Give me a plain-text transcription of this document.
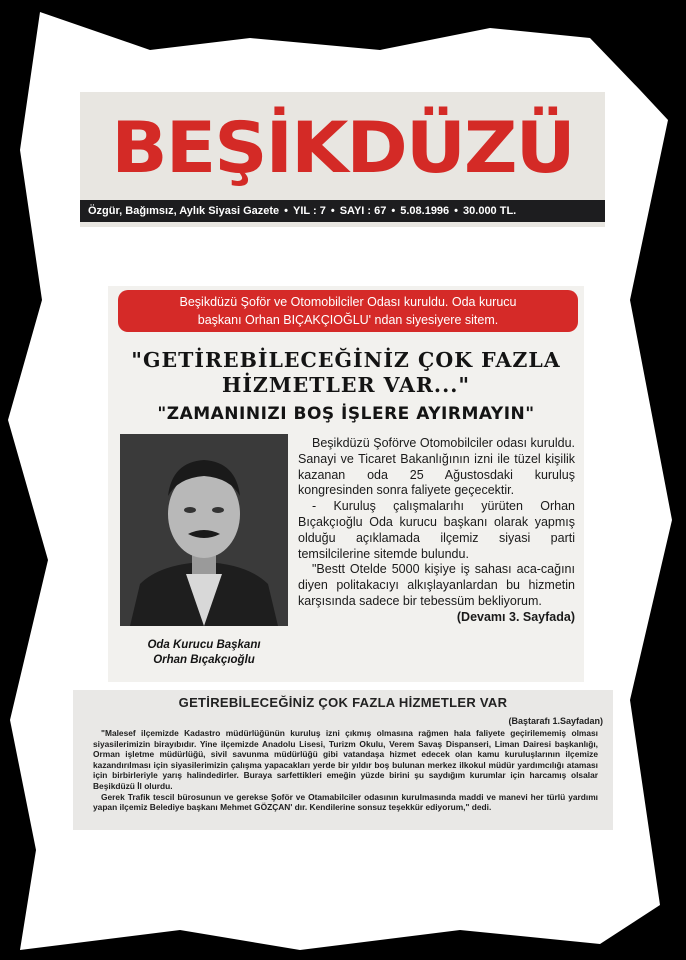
BEŞİKDÜZÜ
Özgür, Bağımsız, Aylık Siyasi Gazete • YIL : 7 • SAYI : 67 • 5.08.1996 • 30.000 TL.
Beşikdüzü Şoför ve Otomobilciler Odası kuruldu. Oda kurucu
başkanı Orhan BIÇAKÇIOĞLU' ndan siyesiyere sitem.
"GETİREBİLECEĞİNİZ ÇOK FAZLA
HİZMETLER VAR..."
"ZAMANINIZI BOŞ İŞLERE AYIRMAYIN"
Oda Kurucu Başkanı
Orhan Bıçakçıoğlu

Beşikdüzü Şoförve Otomobilciler odası kuruldu. Sanayi ve Ticaret Bakanlığının izni ile tüzel kişilik kazanan oda 25 Ağustosdaki kuruluş kongresinden sonra faliyete geçecektir.

- Kuruluş çalışmalarıhı yürüten Orhan Bıçakçıoğlu Oda kurucu başkanı olarak yapmış olduğu açıklamada ilçemiz siyasi parti temsilcilerine sitemde bulundu.

"Bestt Otelde 5000 kişiye iş sahası aca-cağını diyen politakacıyı alkışlayanlardan bu hizmetin karşısında sadece bir tebessüm bekliyorum.
(Devamı 3. Sayfada)

GETİREBİLECEĞİNİZ ÇOK FAZLA HİZMETLER VAR
(Baştarafı 1.Sayfadan)

"Malesef ilçemizde Kadastro müdürlüğünün kuruluş izni çıkmış olmasına rağmen hala faliyete geçirilememiş olması siyasilerimizin birayıbıdır. Yine ilçemizde Anadolu Lisesi, Turizm Okulu, Verem Savaş Dispanseri, Liman Dairesi başkanlığı, Orman işletme müdürlüğü, sivil savunma müdürlüğü gibi vatandaşa hizmet edecek olan kamu kuruluşlarının ilçemize kazandırılması için siyasilerimizin çalışma yapacakları yerde bir yıldır boş bulunan merkez ilkokul müdür yardımcılığı ataması için birbirleriyle yarış halindedirler. Buraya sarfettikleri emeğin yüzde birini şu saydığım kurumlar için harcamış olsalar Beşikdüzü İl olurdu.

Gerek Trafik tescil bürosunun ve gerekse Şoför ve Otamabilciler odasının kurulmasında maddi ve manevi her türlü yardımı yapan ilçemiz Belediye başkanı Mehmet GÖZÇAN' dır. Kendilerine sonsuz teşekkür ediyorum," dedi.
